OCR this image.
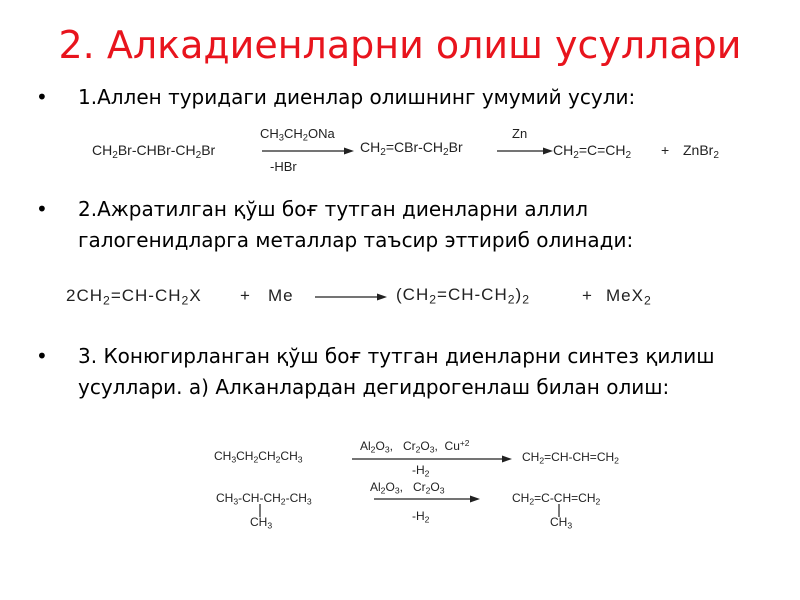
2. Алкадиенларни олиш усуллари
• 1.Аллен туридаги диенлар олишнинг умумий усули:
$CH_2Br-CHBr-CH_2Br$
$CH_3CH_2ONa$
-HBr
$CH_2=CBr-CH_2Br$
Zn
→ $CH_2=C=CH_2$ + ZnBr$_2$
• 2.Ажратилган қўш боғ тутган диенларни аллил галогенидларга металлар таъсир эттириб олинади:
$2CH_2=CH-CH_2X + Me$	$(CH_2=CH-CH_2)_2$	+ MeX$_2$
• 3. Конюгирланган қўш боғ тутган диенларни синтез қилиш усуллари. а) Алканлардан дегидрогенлаш билан олиш:
$CH_3CH_2CH_2CH_3$
$Al_2O_3$,   $Cr_2O_3$,  $Cu^{+2}$
$-H_2$
$CH_2=CH-CH=CH_2$
$CH_3-CH-CH_2-CH_3$
$CH_3$
$Al_2O_3$,   $Cr_2O_3$
$-H_2$
$CH_2=C-CH=CH_2$
$CH_3$
